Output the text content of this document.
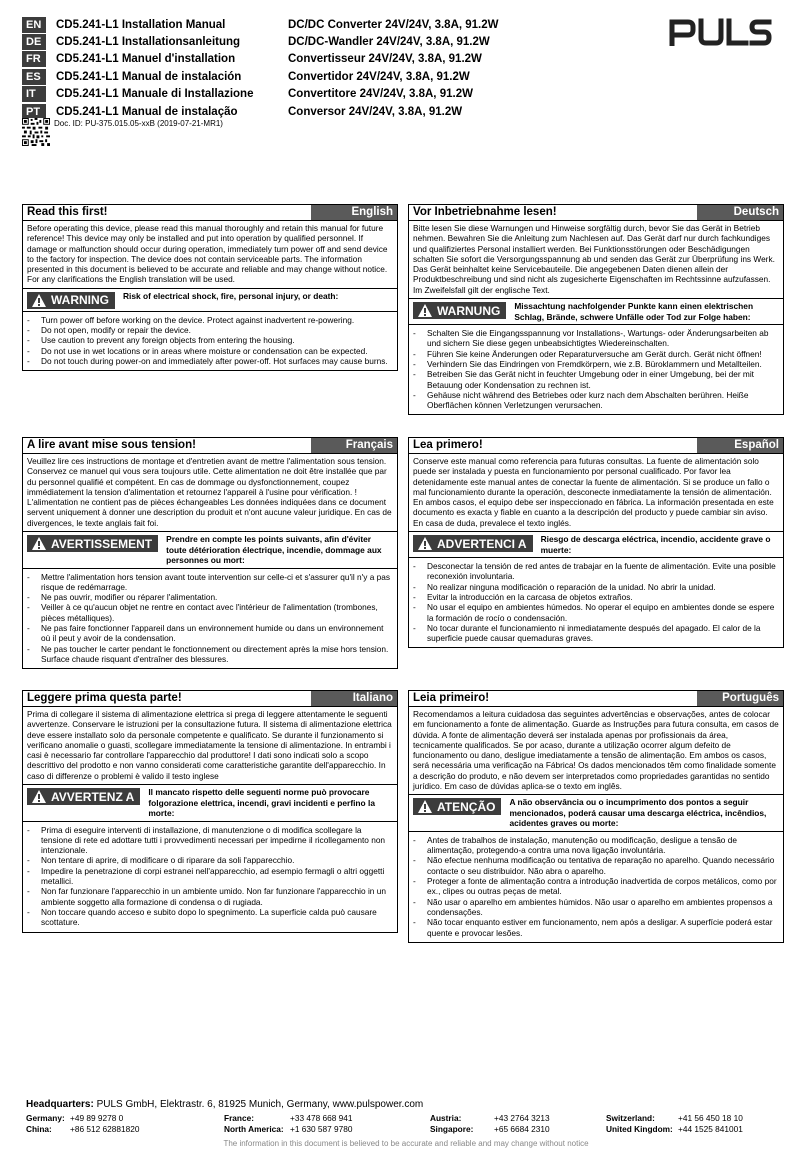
EN	CD5.241-L1 Installation Manual	DC/DC Converter 24V/24V, 3.8A, 91.2W
DE	CD5.241-L1 Installationsanleitung	DC/DC-Wandler 24V/24V, 3.8A, 91.2W
FR	CD5.241-L1 Manuel d'installation	Convertisseur 24V/24V, 3.8A, 91.2W
ES	CD5.241-L1 Manual de instalación	Convertidor 24V/24V, 3.8A, 91.2W
IT	CD5.241-L1 Manuale di Installazione	Convertitore 24V/24V, 3.8A, 91.2W
PT	CD5.241-L1 Manual de instalação	Conversor 24V/24V, 3.8A, 91.2W
Doc. ID: PU-375.015.05-xxB (2019-07-21-MR1)
Read this first!	English
Before operating this device, please read this manual thoroughly and retain this manual for future reference! This device may only be installed and put into operation by qualified personnel. If damage or malfunction should occur during operation, immediately turn power off and send device to the factory for inspection. The device does not contain serviceable parts. The information presented in this document is believed to be accurate and reliable and may change without notice. For any clarifications the English translation will be used.
WARNING	Risk of electrical shock, fire, personal injury, or death:
- Turn power off before working on the device. Protect against inadvertent re-powering.
- Do not open, modify or repair the device.
- Use caution to prevent any foreign objects from entering the housing.
- Do not use in wet locations or in areas where moisture or condensation can be expected.
- Do not touch during power-on and immediately after power-off. Hot surfaces may cause burns.
Vor Inbetriebnahme lesen!	Deutsch
Bitte lesen Sie diese Warnungen und Hinweise sorgfältig durch, bevor Sie das Gerät in Betrieb nehmen. Bewahren Sie die Anleitung zum Nachlesen auf. Das Gerät darf nur durch fachkundiges und qualifiziertes Personal installiert werden. Bei Funktionsstörungen oder Beschädigungen schalten Sie sofort die Versorgungsspannung ab und senden das Gerät zur Überprüfung ins Werk. Das Gerät beinhaltet keine Servicebauteile. Die angegebenen Daten dienen allein der Produktbeschreibung und sind nicht als zugesicherte Eigenschaften im Rechtssinne aufzufassen. Im Zweifelsfall gilt der englische Text.
WARNUNG	Missachtung nachfolgender Punkte kann einen elektrischen Schlag, Brände, schwere Unfälle oder Tod zur Folge haben:
- Schalten Sie die Eingangsspannung vor Installations-, Wartungs- oder Änderungsarbeiten ab und sichern Sie diese gegen unbeabsichtigtes Wiedereinschalten.
- Führen Sie keine Änderungen oder Reparaturversuche am Gerät durch. Gerät nicht öffnen!
- Verhindern Sie das Eindringen von Fremdkörpern, wie z.B. Büroklammern und Metallteilen.
- Betreiben Sie das Gerät nicht in feuchter Umgebung oder in einer Umgebung, bei der mit Betauung oder Kondensation zu rechnen ist.
- Gehäuse nicht während des Betriebes oder kurz nach dem Abschalten berühren. Heiße Oberflächen können Verletzungen verursachen.
A lire avant mise sous tension!	Français
Veuillez lire ces instructions de montage et d'entretien avant de mettre l'alimentation sous tension. Conservez ce manuel qui vous sera toujours utile. Cette alimentation ne doit être installée que par du personnel qualifié et compétent. En cas de dommage ou dysfonctionnement, coupez immédiatement la tension d'alimentation et retournez l'appareil à l'usine pour vérification. ! L'alimentation ne contient pas de pièces échangeables Les données indiquées dans ce document servent uniquement à donner une description du produit et n'ont aucune valeur juridique. En cas de divergences, le texte anglais fait foi.
AVERTISSEMENT	Prendre en compte les points suivants, afin d'éviter toute détérioration électrique, incendie, dommage aux personnes ou mort:
- Mettre l'alimentation hors tension avant toute intervention sur celle-ci et s'assurer qu'il n'y a pas risque de redémarrage.
- Ne pas ouvrir, modifier ou réparer l'alimentation.
- Veiller à ce qu'aucun objet ne rentre en contact avec l'intérieur de l'alimentation (trombones, pièces métalliques).
- Ne pas faire fonctionner l'appareil dans un environnement humide ou dans un environnement où il peut y avoir de la condensation.
- Ne pas toucher le carter pendant le fonctionnement ou directement après la mise hors tension. Surface chaude risquant d'entraîner des blessures.
Lea primero!	Español
Conserve este manual como referencia para futuras consultas. La fuente de alimentación solo puede ser instalada y puesta en funcionamiento por personal cualificado. Por favor lea detenidamente este manual antes de conectar la fuente de alimentación. Si se produce un fallo o mal funcionamiento durante la operación, desconecte inmediatamente la tensión de alimentación. En ambos casos, el equipo debe ser inspeccionado en fábrica. La información presentada en este documento es exacta y fiable en cuanto a la descripción del producto y puede cambiar sin aviso. En casa de duda, prevalece el texto inglés.
ADVERTENCI A	Riesgo de descarga eléctrica, incendio, accidente grave o muerte:
- Desconectar la tensión de red antes de trabajar en la fuente de alimentación. Evite una posible reconexión involuntaria.
- No realizar ninguna modificación o reparación de la unidad. No abrir la unidad.
- Evitar la introducción en la carcasa de objetos extraños.
- No usar el equipo en ambientes húmedos. No operar el equipo en ambientes donde se espere la formación de rocío o condensación.
- No tocar durante el funcionamiento ni inmediatamente después del apagado. El calor de la superficie puede causar quemaduras graves.
Leggere prima questa parte!	Italiano
Prima di collegare il sistema di alimentazione elettrica si prega di leggere attentamente le seguenti avvertenze. Conservare le istruzioni per la consultazione futura. Il sistema di alimentazione elettrica deve essere installato solo da personale competente e qualificato. Se durante il funzionamento si verificano anomalie o guasti, scollegare immediatamente la tensione di alimentazione. In entrambi i casi è necessario far controllare l'apparecchio dal produttore! I dati sono indicati solo a scopo descrittivo del prodotto e non vanno considerati come caratteristiche garantite dell'apparecchio. In caso di differenze o problemi è valido il testo inglese
AVVERTENZ A	Il mancato rispetto delle seguenti norme può provocare folgorazione elettrica, incendi, gravi incidenti e perfino la morte:
- Prima di eseguire interventi di installazione, di manutenzione o di modifica scollegare la tensione di rete ed adottare tutti i provvedimenti necessari per impedirne il ricollegamento non intenzionale.
- Non tentare di aprire, di modificare o di riparare da soli l'apparecchio.
- Impedire la penetrazione di corpi estranei nell'apparecchio, ad esempio fermagli o altri oggetti metallici.
- Non far funzionare l'apparecchio in un ambiente umido. Non far funzionare l'apparecchio in un ambiente soggetto alla formazione di condensa o di rugiada.
- Non toccare quando acceso e subito dopo lo spegnimento. La superficie calda può causare scottature.
Leia primeiro!	Português
Recomendamos a leitura cuidadosa das seguintes advertências e observações, antes de colocar em funcionamento a fonte de alimentação. Guarde as Instruções para futura consulta, em casos de dúvida. A fonte de alimentação deverá ser instalada apenas por profissionais da área, tecnicamente qualificados. Se por acaso, durante a utilização ocorrer algum defeito de funcionamento ou dano, desligue imediatamente a tensão de alimentação. Em ambos os casos, será necessária uma verificação na Fábrica! Os dados mencionados têm como finalidade somente a descrição do produto, e não devem ser interpretados como propriedades garantidas no sentido jurídico. Em caso de dúvidas aplica-se o texto em inglês.
ATENÇÃO	A não observância ou o incumprimento dos pontos a seguir mencionados, poderá causar uma descarga eléctrica, incêndios, acidentes graves ou morte:
- Antes de trabalhos de instalação, manutenção ou modificação, desligue a tensão de alimentação, protegendo-a contra uma nova ligação involuntária.
- Não efectue nenhuma modificação ou tentativa de reparação no aparelho. Quando necessário contacte o seu distribuidor. Não abra o aparelho.
- Proteger a fonte de alimentação contra a introdução inadvertida de corpos metálicos, como por ex., clipes ou outras peças de metal.
- Não usar o aparelho em ambientes húmidos. Não usar o aparelho em ambientes propensos a condensações.
- Não tocar enquanto estiver em funcionamento, nem após a desligar. A superfície poderá estar quente e provocar lesões.
Headquarters: PULS GmbH, Elektrastr. 6, 81925 Munich, Germany, www.pulspower.com
Germany: +49 89 9278 0	France:	+33 478 668 941	Austria:	+43 2764 3213	Switzerland:	+41 56 450 18 10
China:	+86 512 62881820	North America: +1 630 587 9780	Singapore:	+65 6684 2310	United Kingdom: +44 1525 841001
The information in this document is believed to be accurate and reliable and may change without notice
